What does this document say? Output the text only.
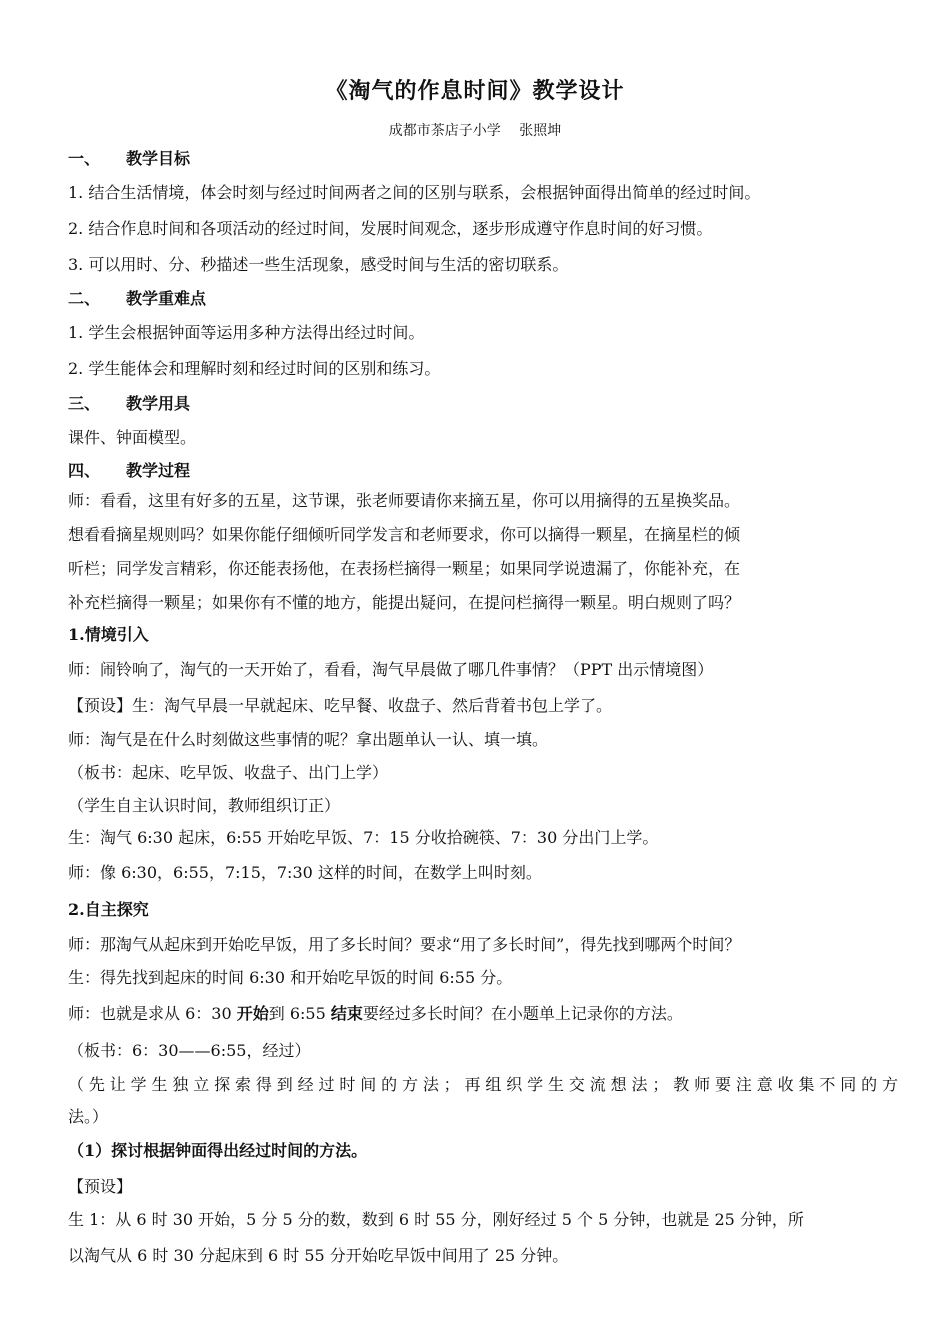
《淘气的作息时间》教学设计
成都市茶店子小学 张照坤
一、 教学目标
1. 结合生活情境，体会时刻与经过时间两者之间的区别与联系，会根据钟面得出简单的经过时间。
2. 结合作息时间和各项活动的经过时间，发展时间观念，逐步形成遵守作息时间的好习惯。
3. 可以用时、分、秒描述一些生活现象，感受时间与生活的密切联系。
二、 教学重难点
1. 学生会根据钟面等运用多种方法得出经过时间。
2. 学生能体会和理解时刻和经过时间的区别和练习。
三、 教学用具
课件、钟面模型。
四、 教学过程
师：看看，这里有好多的五星，这节课，张老师要请你来摘五星，你可以用摘得的五星换奖品。
想看看摘星规则吗？如果你能仔细倾听同学发言和老师要求，你可以摘得一颗星，在摘星栏的倾
听栏；同学发言精彩，你还能表扬他，在表扬栏摘得一颗星；如果同学说遗漏了，你能补充，在
补充栏摘得一颗星；如果你有不懂的地方，能提出疑问，在提问栏摘得一颗星。明白规则了吗？
1.情境引入
师：闹铃响了，淘气的一天开始了，看看，淘气早晨做了哪几件事情？（PPT 出示情境图）
【预设】生：淘气早晨一早就起床、吃早餐、收盘子、然后背着书包上学了。
师：淘气是在什么时刻做这些事情的呢？拿出题单认一认、填一填。
（板书：起床、吃早饭、收盘子、出门上学）
（学生自主认识时间，教师组织订正）
生：淘气 6:30 起床，6:55 开始吃早饭、7：15 分收拾碗筷、7：30 分出门上学。
师：像 6:30，6:55，7:15，7:30 这样的时间，在数学上叫时刻。
2.自主探究
师：那淘气从起床到开始吃早饭，用了多长时间？要求“用了多长时间”，得先找到哪两个时间？
生：得先找到起床的时间 6:30 和开始吃早饭的时间 6:55 分。
师：也就是求从 6：30 开始到 6:55 结束要经过多长时间？在小题单上记录你的方法。
（板书：6：30——6:55，经过）
（先让学生独立探索得到经过时间的方法；再组织学生交流想法；教师要注意收集不同的方
法。）
（1）探讨根据钟面得出经过时间的方法。
【预设】
生 1：从 6 时 30 开始，5 分 5 分的数，数到 6 时 55 分，刚好经过 5 个 5 分钟，也就是 25 分钟，所
以淘气从 6 时 30 分起床到 6 时 55 分开始吃早饭中间用了 25 分钟。
